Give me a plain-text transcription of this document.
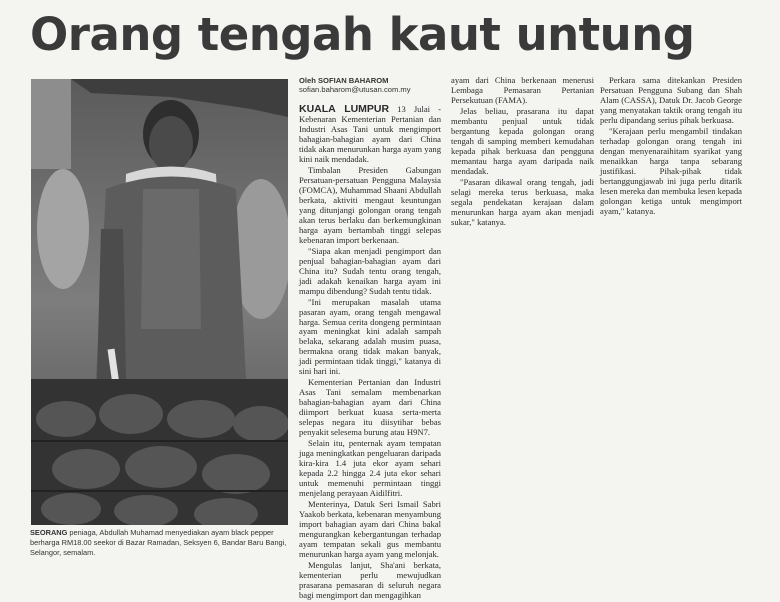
Orang tengah kaut untung

SEORANG peniaga, Abdullah Muhamad menyediakan ayam black pepper berharga RM18.00 seekor di Bazar Ramadan, Seksyen 6, Bandar Baru Bangi, Selangor, semalam.

Oleh SOFIAN BAHAROM
sofian.baharom@utusan.com.my

KUALA LUMPUR 13 Julai - Kebenaran Kementerian Pertanian dan Industri Asas Tani untuk mengimport bahagian-bahagian ayam dari China tidak akan menurunkan harga ayam yang kini naik mendadak.

Timbalan Presiden Gabungan Persatuan-persatuan Pengguna Malaysia (FOMCA), Muhammad Shaani Abdullah berkata, aktiviti mengaut keuntungan yang ditunjangi golongan orang tengah akan terus berlaku dan berkemungkinan harga ayam bertambah tinggi selepas kebenaran import berkenaan.

"Siapa akan menjadi pengimport dan penjual bahagian-bahagian ayam dari China itu? Sudah tentu orang tengah, jadi adakah kenaikan harga ayam ini mampu dibendung? Sudah tentu tidak.

"Ini merupakan masalah utama pasaran ayam, orang tengah mengawal harga. Semua cerita dongeng permintaan ayam meningkat kini adalah sampah belaka, sekarang adalah musim puasa, bermakna orang tidak makan banyak, jadi permintaan tidak tinggi," katanya di sini hari ini.

Kementerian Pertanian dan Industri Asas Tani semalam membenarkan bahagian-bahagian ayam dari China diimport berkuat kuasa serta-merta selepas negara itu diisytihar bebas penyakit selesema burung atau H9N7.

Selain itu, penternak ayam tempatan juga meningkatkan pengeluaran daripada kira-kira 1.4 juta ekor ayam sehari kepada 2.2 hingga 2.4 juta ekor sehari untuk memenuhi permintaan tinggi menjelang perayaan Aidilfitri.

Menterinya, Datuk Seri Ismail Sabri Yaakob berkata, kebenaran menyambung import bahagian ayam dari China bakal mengurangkan kebergantungan terhadap ayam tempatan sekali gus membantu menurunkan harga ayam yang melonjak.

Mengulas lanjut, Sha'ani berkata, kementerian perlu mewujudkan prasarana pemasaran di seluruh negara bagi mengimport dan mengagihkan

ayam dari China berkenaan menerusi Lembaga Pemasaran Pertanian Persekutuan (FAMA).

Jelas beliau, prasarana itu dapat membantu penjual untuk tidak bergantung kepada golongan orang tengah di samping memberi kemudahan kepada pihak berkuasa dan pengguna memantau harga ayam daripada naik mendadak.

"Pasaran dikawal orang tengah, jadi selagi mereka terus berkuasa, maka segala pendekatan kerajaan dalam menurunkan harga ayam akan menjadi sukar," katanya.

Perkara sama ditekankan Presiden Persatuan Pengguna Subang dan Shah Alam (CASSA), Datuk Dr. Jacob George yang menyatakan taktik orang tengah itu perlu dipandang serius pihak berkuasa.

"Kerajaan perlu mengambil tindakan terhadap golongan orang tengah ini dengan menyenaraihitam syarikat yang menaikkan harga tanpa sebarang justifikasi. Pihak-pihak tidak bertanggungjawab ini juga perlu ditarik lesen mereka dan membuka lesen kepada golongan ketiga untuk mengimport ayam," katanya.
